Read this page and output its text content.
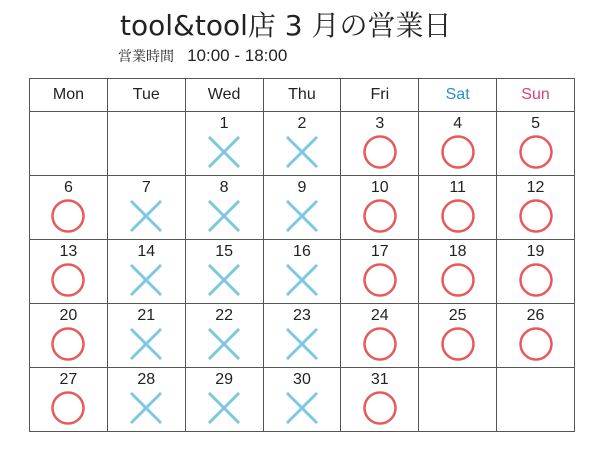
tool&tool店 3 月の営業日
営業時間 10:00 - 18:00
Mon	Tue	Wed	Thu	Fri	Sat	Sun

		1	2	3	4	5

6	7	8	9	10	11	12

13	14	15	16	17	18	19

20	21	22	23	24	25	26

27	28	29	30	31		
